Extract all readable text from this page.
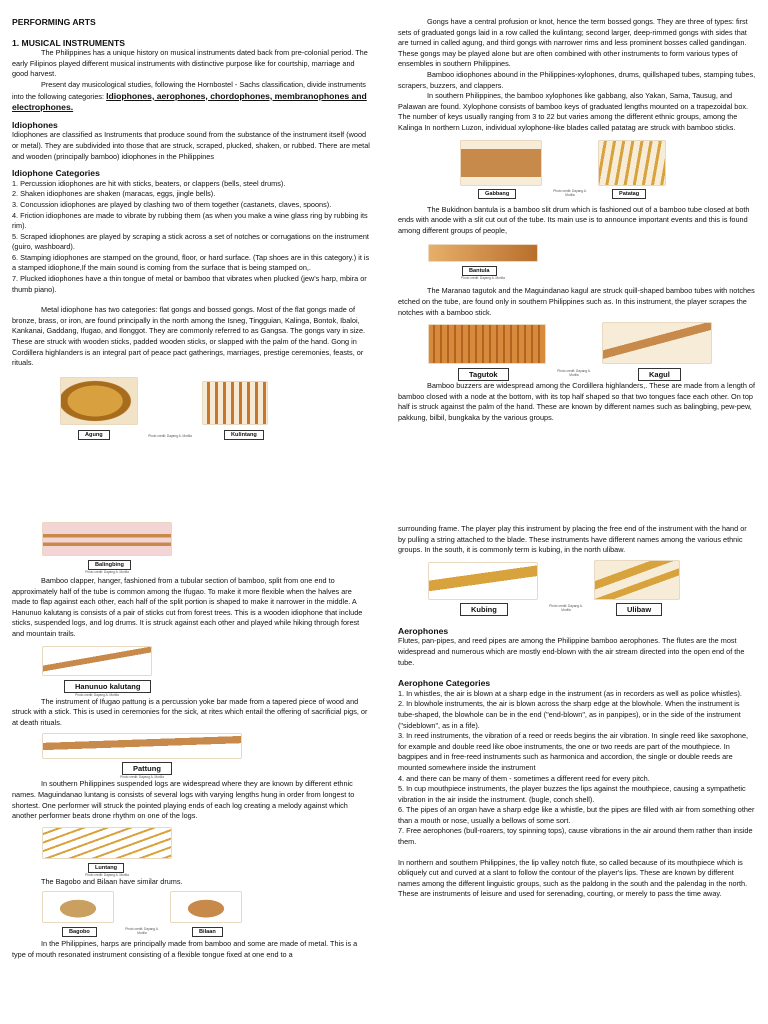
PERFORMING ARTS

1. MUSICAL INSTRUMENTS

The Philippines has a unique history on musical instruments dated back from pre-colonial period. The early Filipinos played different musical instruments with distinctive purpose like for courtship, marriage and good harvest.

Present day musicological studies, following the Hornbostel - Sachs classification, divide instruments into the following categories: Idiophones, aerophones, chordophones, membranophones and electrophones.

Idiophones

Idiophones are classified as Instruments that produce sound from the substance of the instrument itself (wood or metal). They are subdivided into those that are struck, scraped, plucked, shaken, or rubbed. There are metal and wooden (principally bamboo) idiophones in the Philippines

Idiophone Categories

1. Percussion idiophones are hit with sticks, beaters, or clappers (bells, steel drums).

2. Shaken idiophones are shaken (maracas, eggs, jingle bells).

3. Concussion idiophones are played by clashing two of them together (castanets, claves, spoons).

4. Friction idiophones are made to vibrate by rubbing them (as when you make a wine glass ring by rubbing its rim).

5. Scraped idiophones are played by scraping a stick across a set of notches or corrugations on the instrument (guiro, washboard).

6. Stamping idiophones are stamped on the ground, floor, or hard surface. (Tap shoes are in this category.) it is a stamped idiophone,If the main sound is coming from the surface that is being stamped on,.

7. Plucked idiophones have a thin tongue of metal or bamboo that vibrates when plucked (jew's harp, mbira or thumb piano).

Metal idiophone has two categories: flat gongs and bossed gongs. Most of the flat gongs made of bronze, brass, or iron, are found principally in the north among the Isneg, Tingguian, Kalinga, Bontok, Ibaloi, Kankanai, Gaddang, Ifugao, and Ilonggot. They are commonly referred to as Gangsa. The gongs vary in size. These are struck with wooden sticks, padded wooden sticks, or slapped with the palm of the hand. Gong in Cordillera highlanders is an integral part of peace pact gatherings, marriages, prestige ceremonies, feasts, or rituals.

Agung	Photo credit: Dayang A. Morilla	Kulintang

Gongs have a central profusion or knot, hence the term bossed gongs. They are three of types: first sets of graduated gongs laid in a row called the kulintang; second larger, deep-rimmed gongs with sides that are turned in called agung, and third gongs with narrower rims and less prominent bosses called gandingan. These gongs may be played alone but are often combined with other instruments to form various types of ensembles in southern Philippines.

Bamboo idiophones abound in the Philippines-xylophones, drums, quillshaped tubes, stamping tubes, scrapers, buzzers, and clappers.

In southern Philippines, the bamboo xylophones like gabbang, also Yakan, Sama, Tausug, and Palawan are found. Xylophone consists of bamboo keys of graduated lengths mounted on a trapezoidal box. The number of keys usually ranging from 3 to 22 but varies among the different ethnic groups, among the Kalinga In northern Luzon, individual xylophone-like blades called patatag are struck with bamboo sticks.

Gabbang	Photo credit: Dayang A. Morilla	Patatag

The Bukidnon bantula is a bamboo slit drum which is fashioned out of a bamboo tube closed at both ends with anode with a slit cut out of the tube. Its main use is to announce important events and this is found among different groups of people,

Bantula
Photo credit: Dayang A. Morilla

The Maranao tagutok and the Maguindanao kagul are struck quill-shaped bamboo tubes with notches etched on the tube, are found only in southern Philippines such as. In this instrument, the player scrapes the notches with a bamboo stick.

Tagutok	Photo credit: Dayang A. Morilla	Kagul

Bamboo buzzers are widespread among the Cordillera highlanders,. These are made from a length of bamboo closed with a node at the bottom, with its top half shaped so that two tongues face each other. On top half is struck against the palm of the hand. These are known by different names such as balingbing, pew-pew, pakkung, bilbil, bungkaka by the various groups.

Balingbing
Photo credit: Dayang A. Morilla

Bamboo clapper, hanger, fashioned from a tubular section of bamboo, split from one end to approximately half of the tube is common among the Ifugao. To make it more flexible when the halves are made to flap against each other, each half of the split portion is shaped to make it narrower in the middle. A Hanunuo kalutang is consists of a pair of sticks cut from forest trees. This is a wooden idiophone that include sticks, suspended logs, and log drums. It is struck against each other and played while hiking through forest and mountain trails.

Hanunuo kalutang
Photo credit: Dayang A. Morilla

The instrument of Ifugao pattung is a percussion yoke bar made from a tapered piece of wood and struck with a stick. This is used in ceremonies for the sick, at rites which entail the offering of sacrificial pigs, or at death rituals.

Pattung
Photo credit: Dayang A. Morilla

In southern Philippines suspended logs are widespread where they are known by different ethnic names. Maguindanao luntang is consists of several logs with varying lengths hung in order from longest to shortest. One performer will struck the pointed playing ends of each log creating a melody against which another performer beats drone rhythm on one of the logs.

Luntang
Photo credit: Dayang A. Morilla

The Bagobo and Bilaan have similar drums.

Bagobo	Photo credit: Dayang A. Morilla	Bilaan

In the Philippines, harps are principally made from bamboo and some are made of metal. This is a type of mouth resonated instrument consisting of a flexible tongue fixed at one end to a

surrounding frame. The player play this instrument by placing the free end of the instrument with the hand or by pulling a string attached to the blade. These instruments have different names among the various ethnic groups. In the south, it is commonly term is kubing, in the north ulibaw.

Kubing	Photo credit: Dayang A. Morilla	Ulibaw

Aerophones

Flutes, pan-pipes, and reed pipes are among the Philippine bamboo aerophones. The flutes are the most widespread and numerous which are mostly end-blown with the air stream directed into the open end of the tube.

Aerophone Categories

1. In whistles, the air is blown at a sharp edge in the instrument (as in recorders as well as police whistles).

2. In blowhole instruments, the air is blown across the sharp edge at the blowhole. When the instrument is tube-shaped, the blowhole can be in the end ("end-blown", as in panpipes), or in the side of the instrument ("sideblown", as in a fife).

3. In reed instruments, the vibration of a reed or reeds begins the air vibration. In single reed like saxophone, for example and double reed like oboe instruments, the one or two reeds are part of the mouthpiece. In bagpipes and in free-reed instruments such as harmonica and accordion, the single or double reeds are mounted somewhere inside the instrument

4. and there can be many of them - sometimes a different reed for every pitch.

5. In cup mouthpiece instruments, the player buzzes the lips against the mouthpiece, causing a sympathetic vibration in the air inside the instrument. (bugle, conch shell).

6. The pipes of an organ have a sharp edge like a whistle, but the pipes are filled with air from something other than a mouth or nose, usually a bellows of some sort.

7. Free aerophones (bull-roarers, toy spinning tops), cause vibrations in the air around them rather than inside them.

In northern and southern Philippines, the lip valley notch flute, so called because of its mouthpiece which is obliquely cut and curved at a slant to follow the contour of the player's lips. These are known by different names among the different linguistic groups, such as the paldong in the south and the palendag in the north. These are instruments of leisure and used for serenading, courting, or merely to pass the time away.
